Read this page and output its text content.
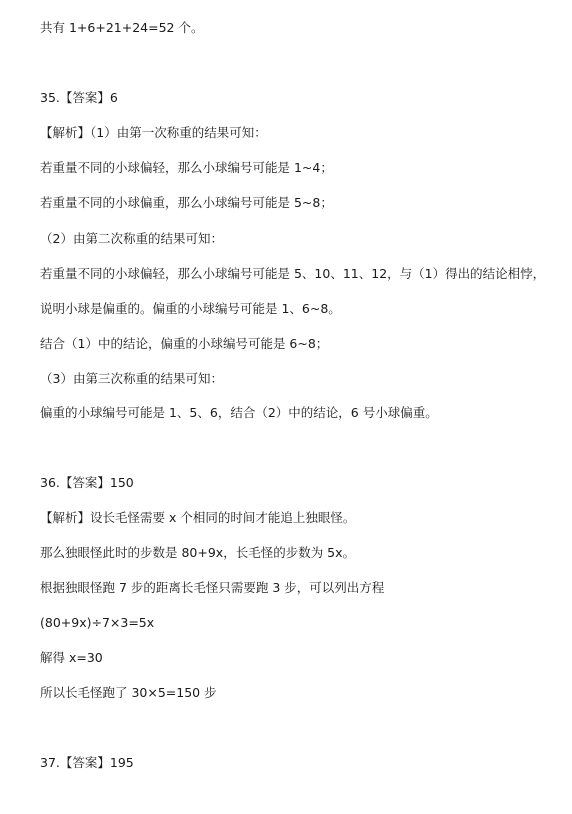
共有 1+6+21+24=52 个。
35.【答案】6
【解析】（1）由第一次称重的结果可知：
若重量不同的小球偏轻，那么小球编号可能是 1~4；
若重量不同的小球偏重，那么小球编号可能是 5~8；
（2）由第二次称重的结果可知：
若重量不同的小球偏轻，那么小球编号可能是 5、10、11、12，与（1）得出的结论相悖，
说明小球是偏重的。偏重的小球编号可能是 1、6~8。
结合（1）中的结论，偏重的小球编号可能是 6~8；
（3）由第三次称重的结果可知：
偏重的小球编号可能是 1、5、6，结合（2）中的结论，6 号小球偏重。
36.【答案】150
【解析】设长毛怪需要 x 个相同的时间才能追上独眼怪。
那么独眼怪此时的步数是 80+9x，长毛怪的步数为 5x。
根据独眼怪跑 7 步的距离长毛怪只需要跑 3 步，可以列出方程
(80+9x)÷7×3=5x
解得 x=30
所以长毛怪跑了 30×5=150 步
37.【答案】195
